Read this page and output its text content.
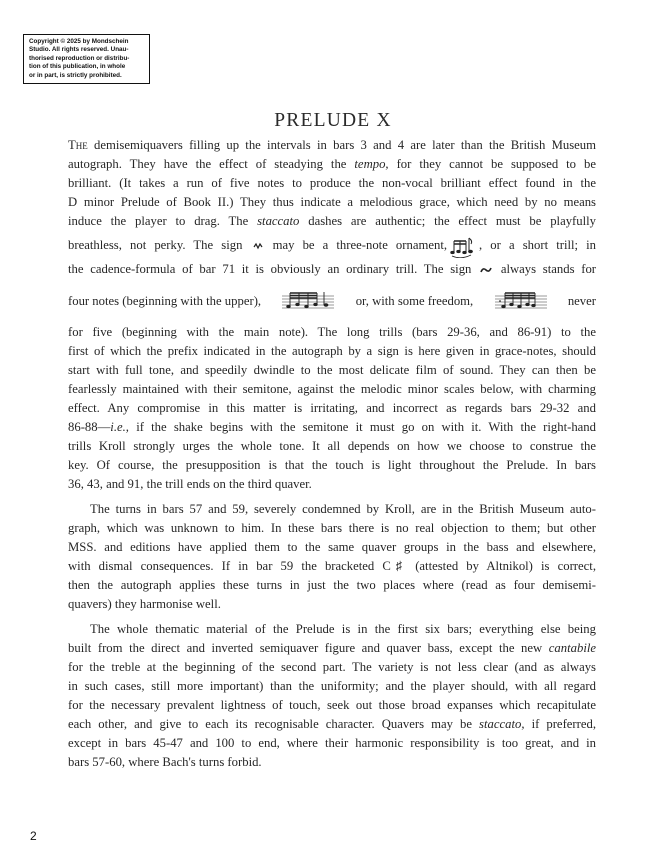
Copyright © 2025 by Mondschein
Studio. All rights reserved. Unau-
thorised reproduction or distribu-
tion of this publication, in whole
or in part, is strictly prohibited.
PRELUDE X
The demisemiquavers filling up the intervals in bars 3 and 4 are later than the British Museum
autograph. They have the effect of steadying the tempo, for they cannot be supposed to be
brilliant. (It takes a run of five notes to produce the non-vocal brilliant effect found in the
D minor Prelude of Book II.) They thus indicate a melodious grace, which need by no means
induce the player to drag. The staccato dashes are authentic; the effect must be playfully
breathless, not perky. The sign may be a three-note ornament,	, or a short trill; in
the cadence-formula of bar 71 it is obviously an ordinary trill. The sign always stands for
four notes (beginning with the upper),	or, with some freedom,	never
for five (beginning with the main note). The long trills (bars 29-36, and 86-91) to the
first of which the prefix indicated in the autograph by a sign is here given in grace-notes, should
start with full tone, and speedily dwindle to the most delicate film of sound. They can then be
fearlessly maintained with their semitone, against the melodic minor scales below, with charming
effect. Any compromise in this matter is irritating, and incorrect as regards bars 29-32 and
86-88—i.e., if the shake begins with the semitone it must go on with it. With the right-hand
trills Kroll strongly urges the whole tone. It all depends on how we choose to construe the
key. Of course, the presupposition is that the touch is light throughout the Prelude. In bars
36, 43, and 91, the trill ends on the third quaver.
The turns in bars 57 and 59, severely condemned by Kroll, are in the British Museum auto-
graph, which was unknown to him. In these bars there is no real objection to them; but other
MSS. and editions have applied them to the same quaver groups in the bass and elsewhere,
with dismal consequences. If in bar 59 the bracketed C♯ (attested by Altnikol) is correct,
then the autograph applies these turns in just the two places where (read as four demisemi-
quavers) they harmonise well.
The whole thematic material of the Prelude is in the first six bars; everything else being
built from the direct and inverted semiquaver figure and quaver bass, except the new cantabile
for the treble at the beginning of the second part. The variety is not less clear (and as always
in such cases, still more important) than the uniformity; and the player should, with all regard
for the necessary prevalent lightness of touch, seek out those broad expanses which recapitulate
each other, and give to each its recognisable character. Quavers may be staccato, if preferred,
except in bars 45-47 and 100 to end, where their harmonic responsibility is too great, and in
bars 57-60, where Bach's turns forbid.
2
